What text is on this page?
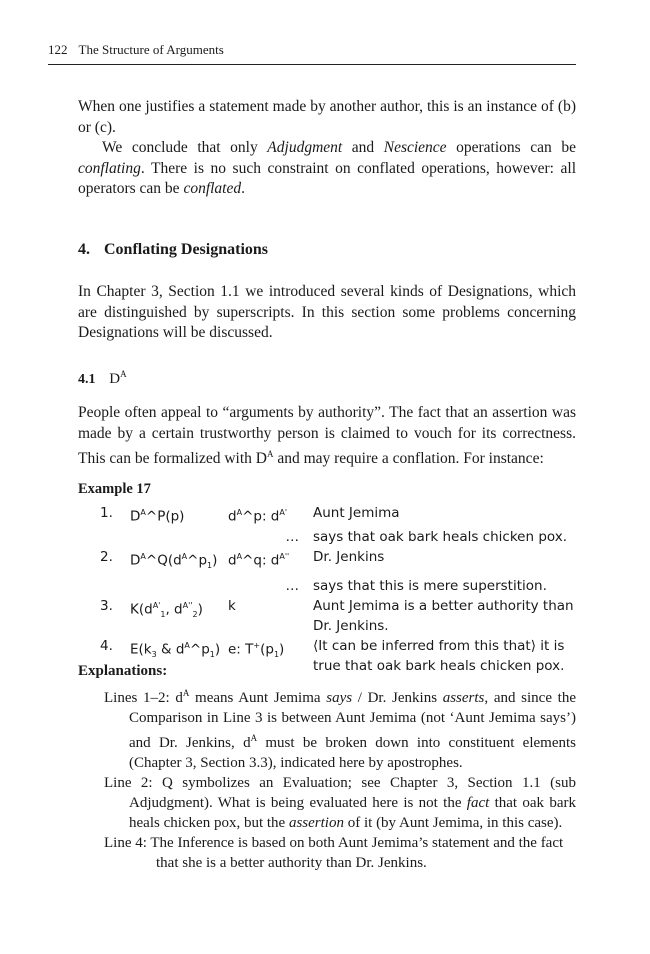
122 The Structure of Arguments

When one justifies a statement made by another author, this is an instance of (b) or (c).

We conclude that only Adjudgment and Nescience operations can be conflating. There is no such constraint on conflated operations, however: all operators can be conflated.

4. Conflating Designations

In Chapter 3, Section 1.1 we introduced several kinds of Designations, which are distinguished by superscripts. In this section some problems concerning Designations will be discussed.

4.1 $D^A$

People often appeal to “arguments by authority”. The fact that an assertion was made by a certain trustworthy person is claimed to vouch for its correctness. This can be formalized with $D^A$ and may require a conflation. For instance:

Example 17
1.	$D^A\^{}P(p)$	$d^A\^{}p$: $d^{A'}$	Aunt Jemima
		…	says that oak bark heals chicken pox.
2.	$D^A\^{}Q(d^A\^{}p_1)$	$d^A\^{}q$: $d^{A''}$	Dr. Jenkins
		…	says that this is mere superstition.
3.	$K(d^{A'}_1$, $d^{A''}_2$)	k	Aunt Jemima is a better authority than Dr. Jenkins.
4.	$E(k_3$ & $d^A\^{}p_1$)	e: $T^+(p_1)$	⟨It can be inferred from this that⟩ it is true that oak bark heals chicken pox.
Explanations:

Lines 1–2: $d^A$ means Aunt Jemima says / Dr. Jenkins asserts, and since the Comparison in Line 3 is between Aunt Jemima (not ‘Aunt Jemima says’) and Dr. Jenkins, $d^A$ must be broken down into constituent elements (Chapter 3, Section 3.3), indicated here by apostrophes.

Line 2: Q symbolizes an Evaluation; see Chapter 3, Section 1.1 (sub Adjudgment). What is being evaluated here is not the fact that oak bark heals chicken pox, but the assertion of it (by Aunt Jemima, in this case).

Line 4: The Inference is based on both Aunt Jemima’s statement and the fact
that she is a better authority than Dr. Jenkins.
